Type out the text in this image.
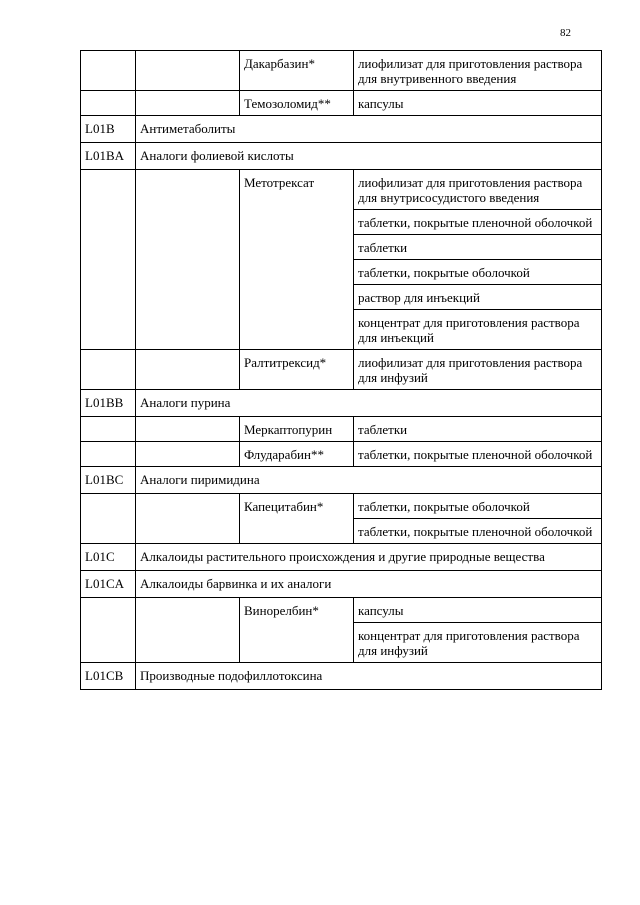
82
		Дакарбазин*	лиофилизат для приготовления раствора для внутривенного введения
		Темозоломид**	капсулы
L01B	Антиметаболиты		
L01BA	Аналоги фолиевой кислоты		
		Метотрексат	лиофилизат для приготовления раствора для внутрисосудистого введения
			таблетки, покрытые пленочной оболочкой
			таблетки
			таблетки, покрытые оболочкой
			раствор для инъекций
			концентрат для приготовления раствора для инъекций
		Ралтитрексид*	лиофилизат для приготовления раствора для инфузий
L01BB	Аналоги пурина		
		Меркаптопурин	таблетки
		Флударабин**	таблетки, покрытые пленочной оболочкой
L01BC	Аналоги пиримидина		
		Капецитабин*	таблетки, покрытые оболочкой
			таблетки, покрытые пленочной оболочкой
L01C	Алкалоиды растительного происхождения и другие природные вещества		
L01CA	Алкалоиды барвинка и их аналоги		
		Винорелбин*	капсулы
			концентрат для приготовления раствора для инфузий
L01CB	Производные подофиллотоксина		
